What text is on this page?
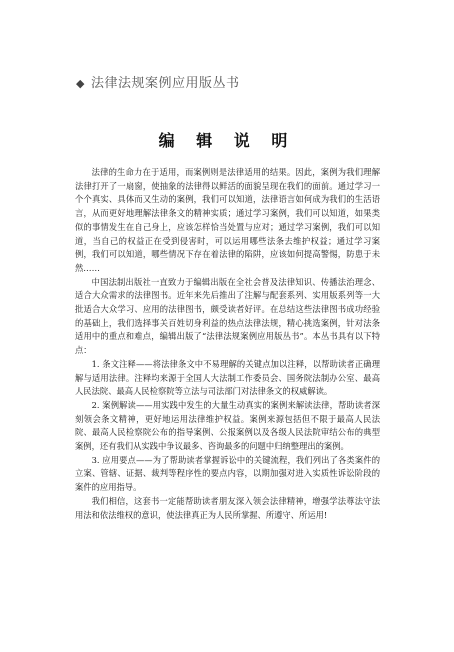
◆ 法律法规案例应用版丛书
编 辑 说 明

法律的生命力在于适用，而案例则是法律适用的结果。因此，案例为我们理解法律打开了一扇窗，使抽象的法律得以鲜活的面貌呈现在我们的面前。通过学习一个个真实、具体而又生动的案例，我们可以知道，法律语言如何成为我们的生活语言，从而更好地理解法律条文的精神实质；通过学习案例，我们可以知道，如果类似的事情发生在自己身上，应该怎样恰当处置与应对；通过学习案例，我们可以知道，当自己的权益正在受到侵害时，可以运用哪些法条去维护权益；通过学习案例，我们可以知道，哪些情况下存在着法律的陷阱，应该如何提高警惕，防患于未然……

中国法制出版社一直致力于编辑出版在全社会普及法律知识、传播法治理念、适合大众需求的法律图书。近年来先后推出了注解与配套系列、实用版系列等一大批适合大众学习、应用的法律图书，颇受读者好评。在总结这些法律图书成功经验的基础上，我们选择事关百姓切身利益的热点法律法规，精心挑选案例，针对法条适用中的重点和难点，编辑出版了“法律法规案例应用版丛书”。本丛书具有以下特点：

1. 条文注释——将法律条文中不易理解的关键点加以注释，以帮助读者正确理解与适用法律。注释均来源于全国人大法制工作委员会、国务院法制办公室、最高人民法院、最高人民检察院等立法与司法部门对法律条文的权威解读。

2. 案例解读——用实践中发生的大量生动真实的案例来解读法律，帮助读者深刻领会条文精神，更好地运用法律维护权益。案例来源包括但不限于最高人民法院、最高人民检察院公布的指导案例、公报案例以及各级人民法院审结公布的典型案例，还有我们从实践中争议最多、咨询最多的问题中归纳整理出的案例。

3. 应用要点——为了帮助读者掌握诉讼中的关键流程，我们列出了各类案件的立案、管辖、证据、裁判等程序性的要点内容，以期加强对进入实质性诉讼阶段的案件的应用指导。

我们相信，这套书一定能帮助读者朋友深入领会法律精神，增强学法尊法守法用法和依法维权的意识，使法律真正为人民所掌握、所遵守、所运用!
